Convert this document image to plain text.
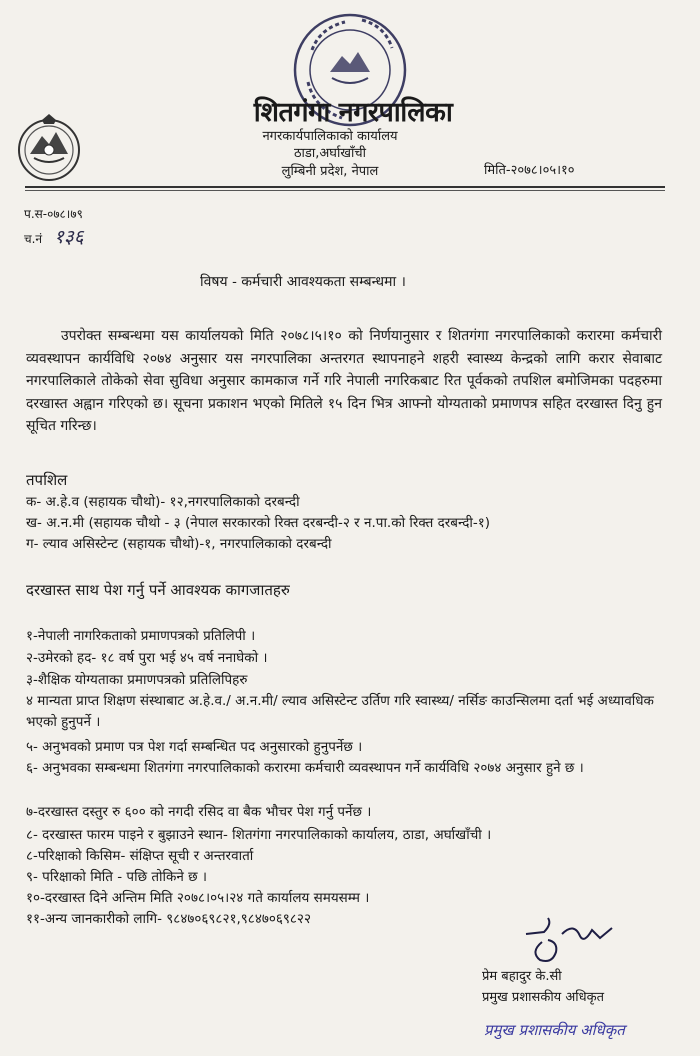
शितगंगा नगरपालिका
नगरकार्यपालिकाको कार्यालय
ठाडा,अर्घाखाँची
लुम्बिनी प्रदेश, नेपाल	मिति-२०७८।०५।१०
प.स-०७८।७९
च.नं १३६
विषय - कर्मचारी आवश्यकता सम्बन्धमा ।
उपरोक्त सम्बन्धमा यस कार्यालयको मिति २०७८।५।१० को निर्णयानुसार र शितगंगा नगरपालिकाको करारमा कर्मचारी व्यवस्थापन कार्यविधि २०७४ अनुसार यस नगरपालिका अन्तरगत स्थापनाहने शहरी स्वास्थ्य केन्द्रको लागि करार सेवाबाट नगरपालिकाले तोकेको सेवा सुविधा अनुसार कामकाज गर्ने गरि नेपाली नगरिकबाट रित पूर्वकको तपशिल बमोजिमका पदहरुमा दरखास्त अह्वान गरिएको छ। सूचना प्रकाशन भएको मितिले १५ दिन भित्र आफ्नो योग्यताको प्रमाणपत्र सहित दरखास्त दिनु हुन सूचित गरिन्छ।
तपशिल
क- अ.हे.व (सहायक चौथो)- १२,नगरपालिकाको दरबन्दी
ख- अ.न.मी (सहायक चौथो - ३ (नेपाल सरकारको रिक्त दरबन्दी-२ र न.पा.को रिक्त दरबन्दी-१)
ग- ल्याव असिस्टेन्ट (सहायक चौथो)-१, नगरपालिकाको दरबन्दी
दरखास्त साथ पेश गर्नु पर्ने आवश्यक कागजातहरु
१-नेपाली नागरिकताको प्रमाणपत्रको प्रतिलिपी ।
२-उमेरको हद- १८ वर्ष पुरा भई ४५ वर्ष ननाघेको ।
३-शैक्षिक योग्यताका प्रमाणपत्रको प्रतिलिपिहरु
४ मान्यता प्राप्त शिक्षण संस्थाबाट अ.हे.व./ अ.न.मी/ ल्याव असिस्टेन्ट उर्तिण गरि स्वास्थ्य/ नर्सिङ काउन्सिलमा दर्ता भई अध्यावधिक भएको हुनुपर्ने ।
५- अनुभवको प्रमाण पत्र पेश गर्दा सम्बन्धित पद अनुसारको हुनुपर्नेछ ।
६- अनुभवका सम्बन्धमा शितगंगा नगरपालिकाको करारमा कर्मचारी व्यवस्थापन गर्ने कार्यविधि २०७४ अनुसार हुने छ ।
७-दरखास्त दस्तुर रु ६०० को नगदी रसिद वा बैक भौचर पेश गर्नु पर्नेछ ।
८- दरखास्त फारम पाइने र बुझाउने स्थान- शितगंगा नगरपालिकाको कार्यालय, ठाडा, अर्घाखाँची ।
८-परिक्षाको किसिम- संक्षिप्त सूची र अन्तरवार्ता
९- परिक्षाको मिति - पछि तोकिने छ ।
१०-दरखास्त दिने अन्तिम मिति २०७८।०५।२४ गते कार्यालय समयसम्म ।
११-अन्य जानकारीको लागि- ९८४७०६९८२१,९८४७०६९८२२
प्रेम बहादुर के.सी
प्रमुख प्रशासकीय अधिकृत
प्रमुख प्रशासकीय अधिकृत
